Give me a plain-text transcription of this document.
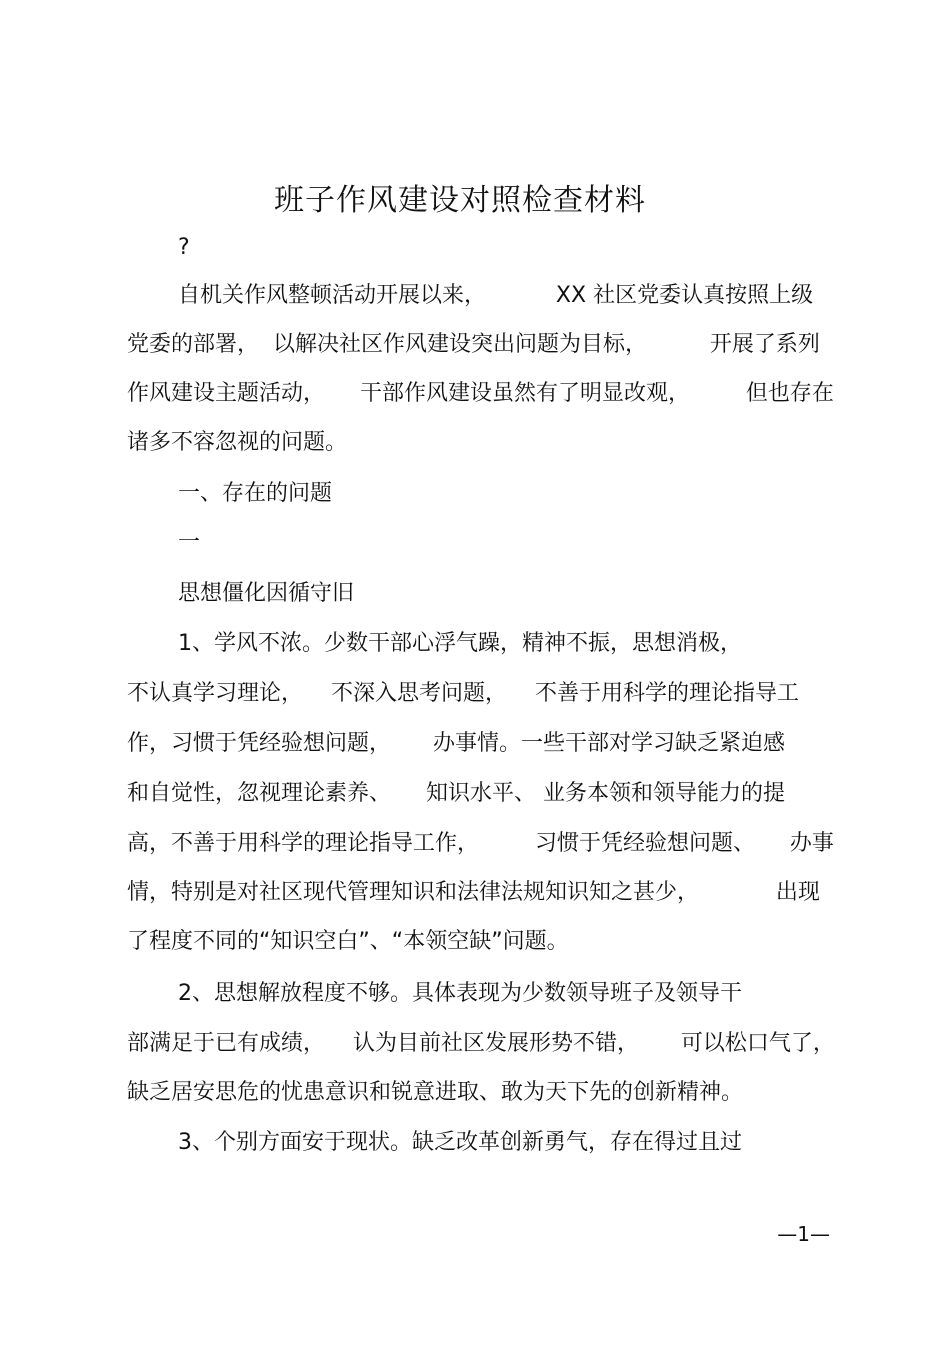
班子作风建设对照检查材料
?
自机关作风整顿活动开展以来，          XX 社区党委认真按照上级
党委的部署，  以解决社区作风建设突出问题为目标，         开展了系列
作风建设主题活动，     干部作风建设虽然有了明显改观，        但也存在
诸多不容忽视的问题。
一、存在的问题
一
思想僵化因循守旧
1、学风不浓。少数干部心浮气躁，精神不振，思想消极，
不认真学习理论，    不深入思考问题，    不善于用科学的理论指导工
作，习惯于凭经验想问题，      办事情。一些干部对学习缺乏紧迫感
和自觉性，忽视理论素养、     知识水平、 业务本领和领导能力的提
高，不善于用科学的理论指导工作，        习惯于凭经验想问题、     办事
情，特别是对社区现代管理知识和法律法规知识知之甚少，           出现
了程度不同的“知识空白”、“本领空缺”问题。
2、思想解放程度不够。具体表现为少数领导班子及领导干
部满足于已有成绩，    认为目前社区发展形势不错，      可以松口气了，
缺乏居安思危的忧患意识和锐意进取、敢为天下先的创新精神。
3、个别方面安于现状。缺乏改革创新勇气，存在得过且过
—1—
